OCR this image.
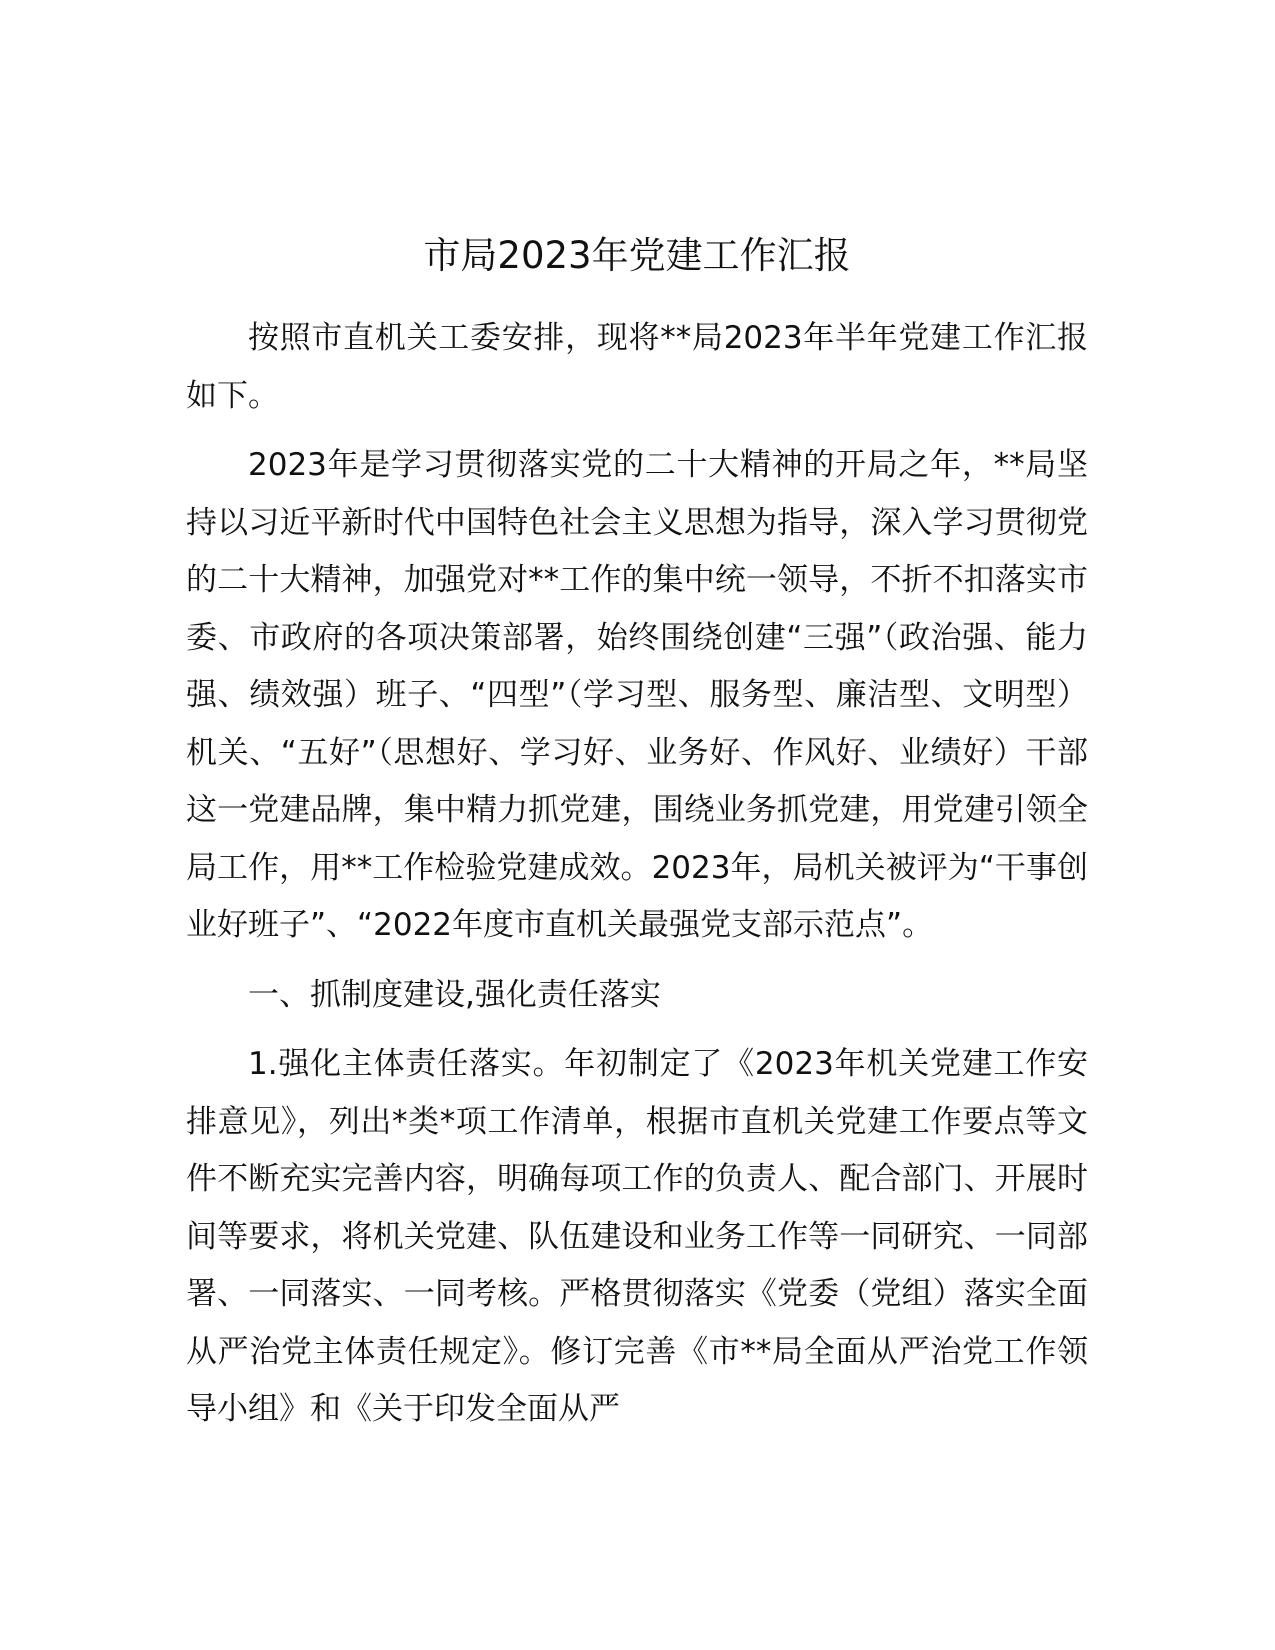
市局2023年党建工作汇报

按照市直机关工委安排，现将**局2023年半年党建工作汇报如下。

2023年是学习贯彻落实党的二十大精神的开局之年，**局坚持以习近平新时代中国特色社会主义思想为指导，深入学习贯彻党的二十大精神，加强党对**工作的集中统一领导，不折不扣落实市委、市政府的各项决策部署，始终围绕创建“三强”（政治强、能力强、绩效强）班子、“四型”（学习型、服务型、廉洁型、文明型）机关、“五好”（思想好、学习好、业务好、作风好、业绩好）干部这一党建品牌，集中精力抓党建，围绕业务抓党建，用党建引领全局工作，用**工作检验党建成效。2023年，局机关被评为“干事创业好班子”、“2022年度市直机关最强党支部示范点”。

一、抓制度建设,强化责任落实

1.强化主体责任落实。年初制定了《2023年机关党建工作安排意见》，列出*类*项工作清单，根据市直机关党建工作要点等文件不断充实完善内容，明确每项工作的负责人、配合部门、开展时间等要求，将机关党建、队伍建设和业务工作等一同研究、一同部署、一同落实、一同考核。严格贯彻落实《党委（党组）落实全面从严治党主体责任规定》。修订完善《市**局全面从严治党工作领导小组》和《关于印发全面从严
